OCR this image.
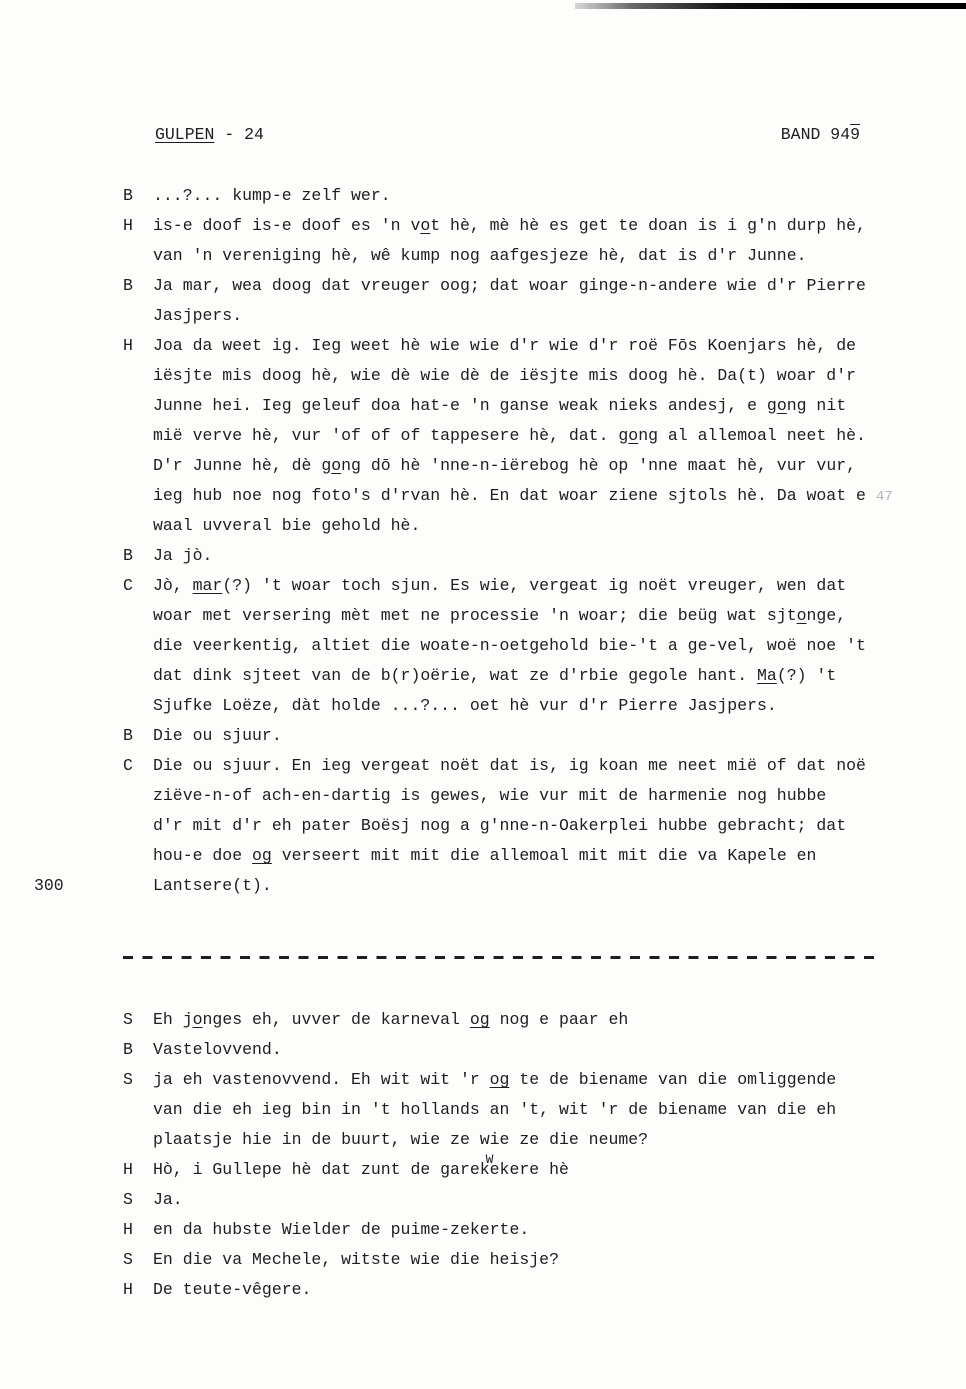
GULPEN - 24	BAND 949
B	...?... kump-e zelf wer.
H	is-e doof is-e doof es 'n vot hè, mè hè es get te doan is i g'n durp hè,
van 'n vereniging hè, wê kump nog aafgesjeze hè, dat is d'r Junne.
B	Ja mar, wea doog dat vreuger oog; dat woar ginge-n-andere wie d'r Pierre
Jasjpers.
H	Joa da weet ig. Ieg weet hè wie wie d'r wie d'r roë Fōs Koenjars hè, de
iësjte mis doog hè, wie dè wie dè de iësjte mis doog hè. Da(t) woar d'r
Junne hei. Ieg geleuf doa hat-e 'n ganse weak nieks andesj, e gong nit
mië verve hè, vur 'of of of tappesere hè, dat. gong al allemoal neet hè.
D'r Junne hè, dè gong dō hè 'nne-n-iërebog hè op 'nne maat hè, vur vur,
ieg hub noe nog foto's d'rvan hè. En dat woar ziene sjtols hè. Da woat e 47
waal uvveral bie gehold hè.
B	Ja jò.
C	Jò, mar(?) 't woar toch sjun. Es wie, vergeat ig noët vreuger, wen dat
woar met versering mèt met ne processie 'n woar; die beüg wat sjtonge,
die veerkentig, altiet die woate-n-oetgehold bie-'t a ge-vel, woë noe 't
dat dink sjteet van de b(r)oërie, wat ze d'rbie gegole hant. Ma(?) 't
Sjufke Loëze, dàt holde ...?... oet hè vur d'r Pierre Jasjpers.
B	Die ou sjuur.
C	Die ou sjuur. En ieg vergeat noët dat is, ig koan me neet mië of dat noë
ziëve-n-of ach-en-dartig is gewes, wie vur mit de harmenie nog hubbe
d'r mit d'r eh pater Boësj nog a g'nne-n-Oakerplei hubbe gebracht; dat
hou-e doe og verseert mit mit die allemoal mit mit die va Kapele en
300	Lantsere(t).
S	Eh jonges eh, uvver de karneval og nog e paar eh
B	Vastelovvend.
S	ja eh vastenovvend. Eh wit wit 'r og te de biename van die omliggende
van die eh ieg bin in 't hollands an 't, wit 'r de biename van die eh
plaatsje hie in de buurt, wie ze wie ze die neume?
H	Hò, i Gullepe hè dat zunt de garekWekere hè
S	Ja.
H	en da hubste Wielder de puime-zekerte.
S	En die va Mechele, witste wie die heisje?
H	De teute-vêgere.
